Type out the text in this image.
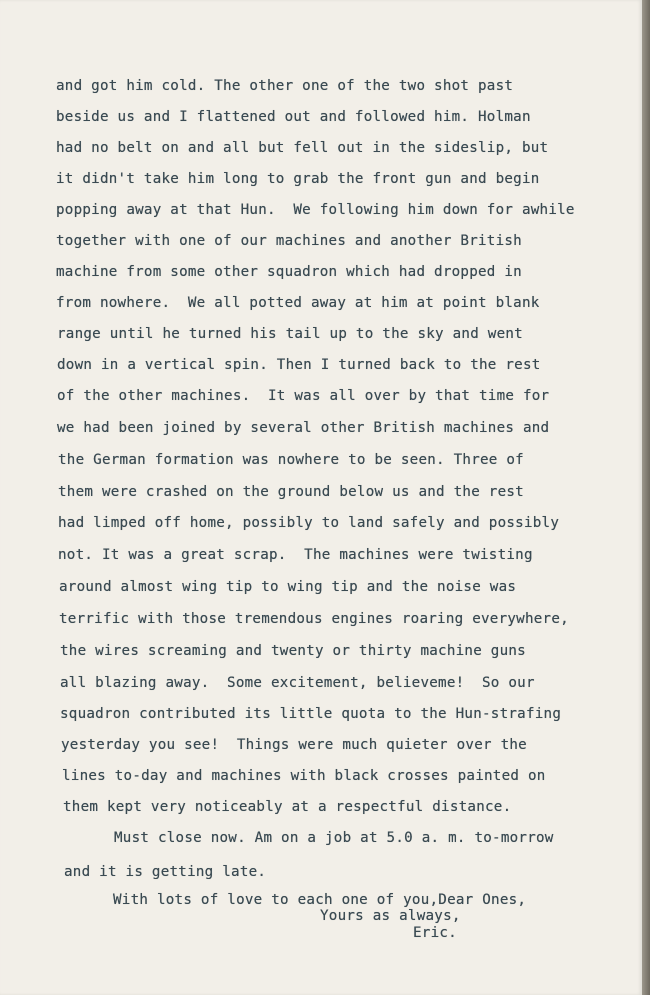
and got him cold. The other one of the two shot past
beside us and I flattened out and followed him. Holman
had no belt on and all but fell out in the sideslip, but
it didn't take him long to grab the front gun and begin
popping away at that Hun.  We following him down for awhile
together with one of our machines and another British
machine from some other squadron which had dropped in
from nowhere.  We all potted away at him at point blank
range until he turned his tail up to the sky and went
down in a vertical spin. Then I turned back to the rest
of the other machines.  It was all over by that time for
we had been joined by several other British machines and
the German formation was nowhere to be seen. Three of
them were crashed on the ground below us and the rest
had limped off home, possibly to land safely and possibly
not. It was a great scrap.  The machines were twisting
around almost wing tip to wing tip and the noise was
terrific with those tremendous engines roaring everywhere,
the wires screaming and twenty or thirty machine guns
all blazing away.  Some excitement, believeme!  So our
squadron contributed its little quota to the Hun-strafing
yesterday you see!  Things were much quieter over the
lines to-day and machines with black crosses painted on
them kept very noticeably at a respectful distance.
Must close now. Am on a job at 5.0 a. m. to-morrow
and it is getting late.
With lots of love to each one of you,Dear Ones,
Yours as always,
Eric.
